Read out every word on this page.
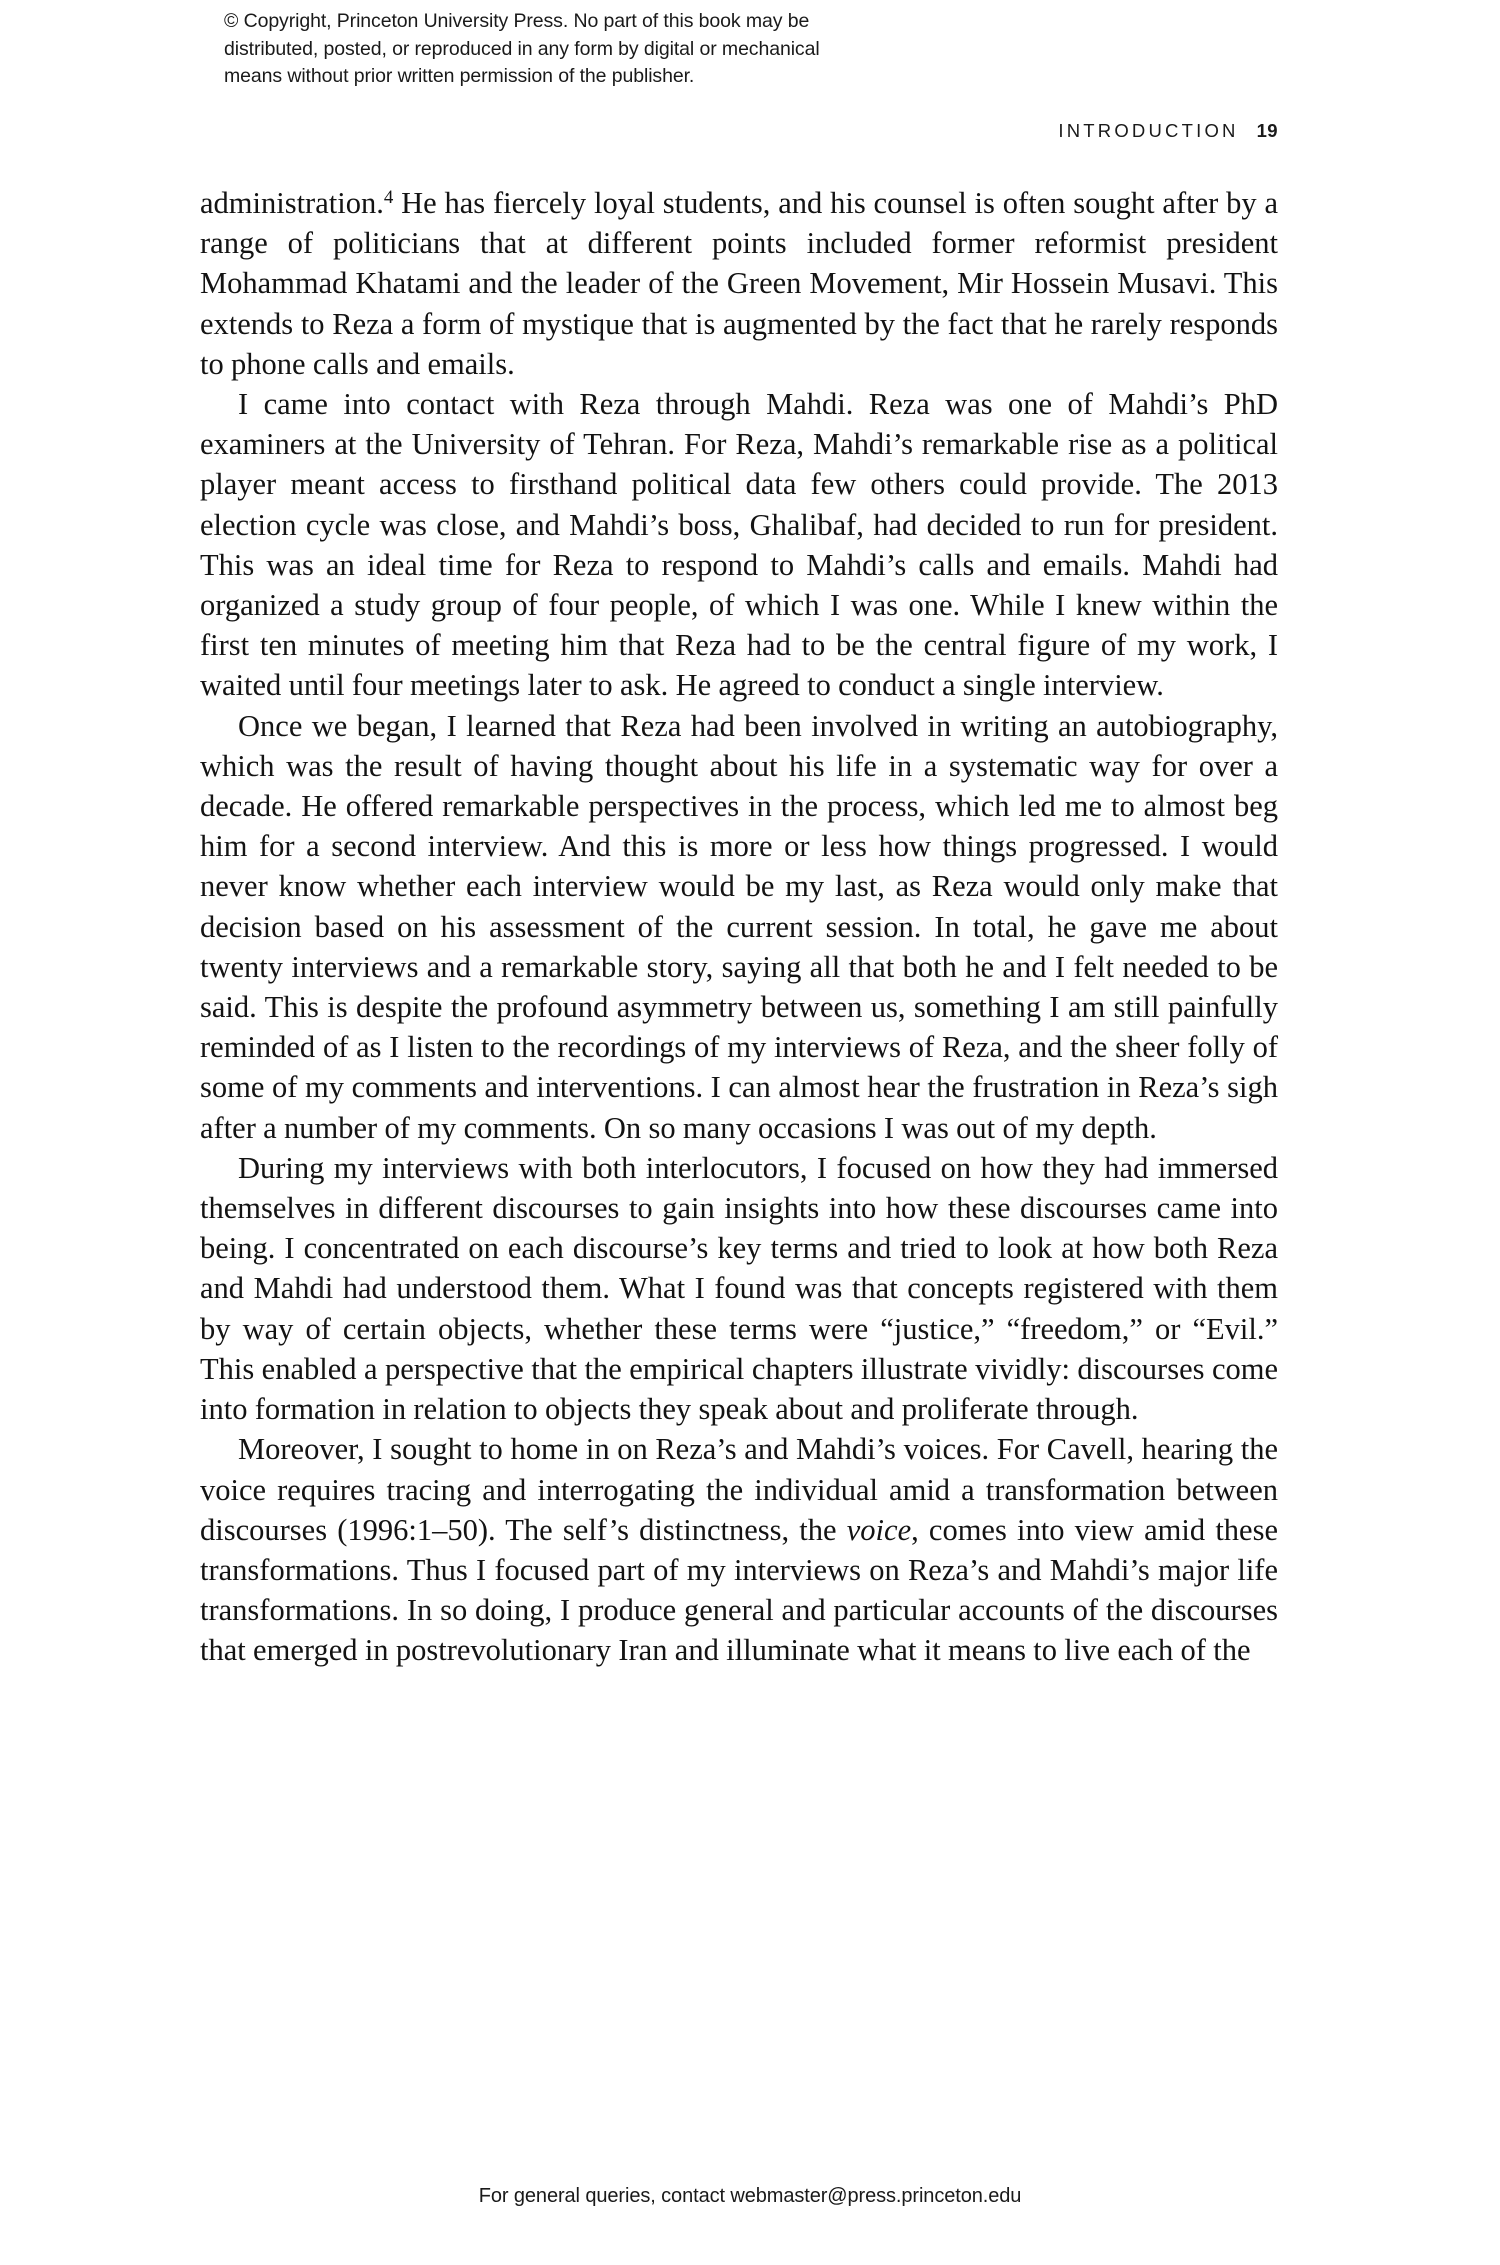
© Copyright, Princeton University Press. No part of this book may be distributed, posted, or reproduced in any form by digital or mechanical means without prior written permission of the publisher.
INTRODUCTION 19

administration.$^4$ He has fiercely loyal students, and his counsel is often sought after by a range of politicians that at different points included former reformist president Mohammad Khatami and the leader of the Green Movement, Mir Hossein Musavi. This extends to Reza a form of mystique that is augmented by the fact that he rarely responds to phone calls and emails.

I came into contact with Reza through Mahdi. Reza was one of Mahdi’s PhD examiners at the University of Tehran. For Reza, Mahdi’s remarkable rise as a political player meant access to firsthand political data few others could provide. The 2013 election cycle was close, and Mahdi’s boss, Ghalibaf, had decided to run for president. This was an ideal time for Reza to respond to Mahdi’s calls and emails. Mahdi had organized a study group of four people, of which I was one. While I knew within the first ten minutes of meeting him that Reza had to be the central figure of my work, I waited until four meetings later to ask. He agreed to conduct a single interview.

Once we began, I learned that Reza had been involved in writing an autobiography, which was the result of having thought about his life in a systematic way for over a decade. He offered remarkable perspectives in the process, which led me to almost beg him for a second interview. And this is more or less how things progressed. I would never know whether each interview would be my last, as Reza would only make that decision based on his assessment of the current session. In total, he gave me about twenty interviews and a remarkable story, saying all that both he and I felt needed to be said. This is despite the profound asymmetry between us, something I am still painfully reminded of as I listen to the recordings of my interviews of Reza, and the sheer folly of some of my comments and interventions. I can almost hear the frustration in Reza’s sigh after a number of my comments. On so many occasions I was out of my depth.

During my interviews with both interlocutors, I focused on how they had immersed themselves in different discourses to gain insights into how these discourses came into being. I concentrated on each discourse’s key terms and tried to look at how both Reza and Mahdi had understood them. What I found was that concepts registered with them by way of certain objects, whether these terms were “justice,” “freedom,” or “Evil.” This enabled a perspective that the empirical chapters illustrate vividly: discourses come into formation in relation to objects they speak about and proliferate through.

Moreover, I sought to home in on Reza’s and Mahdi’s voices. For Cavell, hearing the voice requires tracing and interrogating the individual amid a transformation between discourses (1996:1–50). The self’s distinctness, the voice, comes into view amid these transformations. Thus I focused part of my interviews on Reza’s and Mahdi’s major life transformations. In so doing, I produce general and particular accounts of the discourses that emerged in postrevolutionary Iran and illuminate what it means to live each of the

For general queries, contact webmaster@press.princeton.edu
